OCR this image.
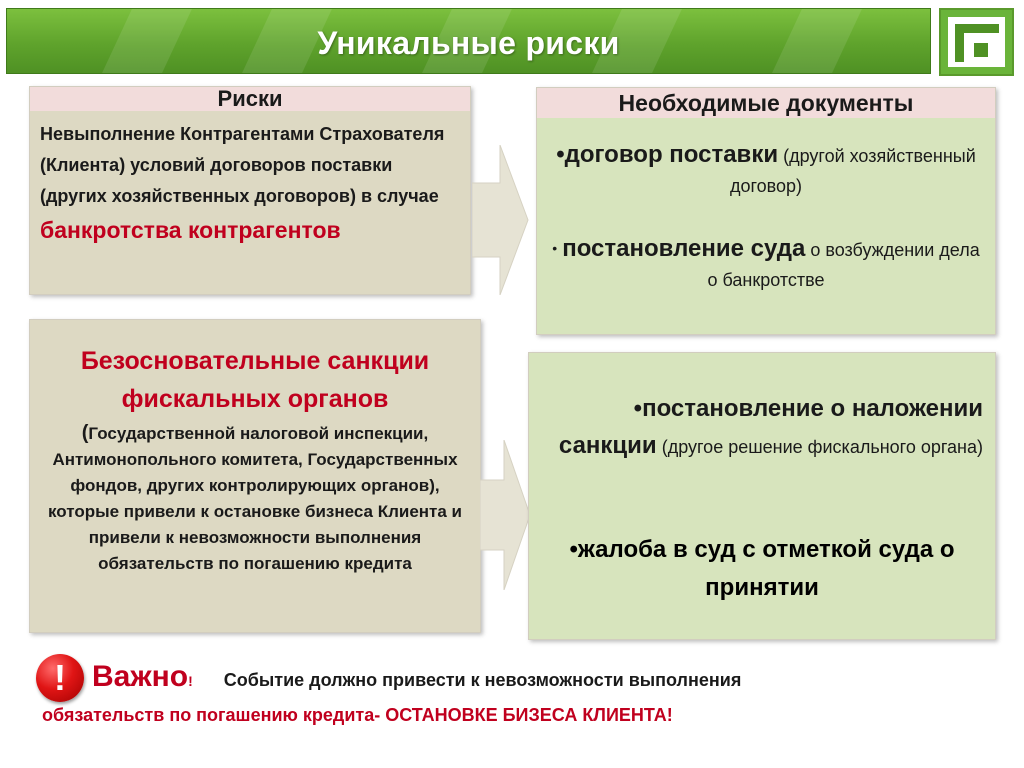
Уникальные риски
Риски
Невыполнение Контрагентами Страхователя (Клиента) условий договоров поставки (других хозяйственных договоров) в случае
банкротства контрагентов
Необходимые документы
•договор поставки (другой хозяйственный договор)
• постановление суда о возбуждении дела о банкротстве
Безосновательные санкции фискальных органов
(Государственной налоговой инспекции, Антимонопольного комитета, Государственных фондов, других контролирующих органов), которые привели к остановке бизнеса Клиента и привели к невозможности выполнения обязательств по погашению кредита
•постановление о наложении санкции (другое решение фискального органа)
•жалоба в суд с отметкой суда о принятии
! Важно! Событие должно привести к невозможности выполнения
обязательств по погашению кредита- ОСТАНОВКЕ БИЗЕСА КЛИЕНТА!
